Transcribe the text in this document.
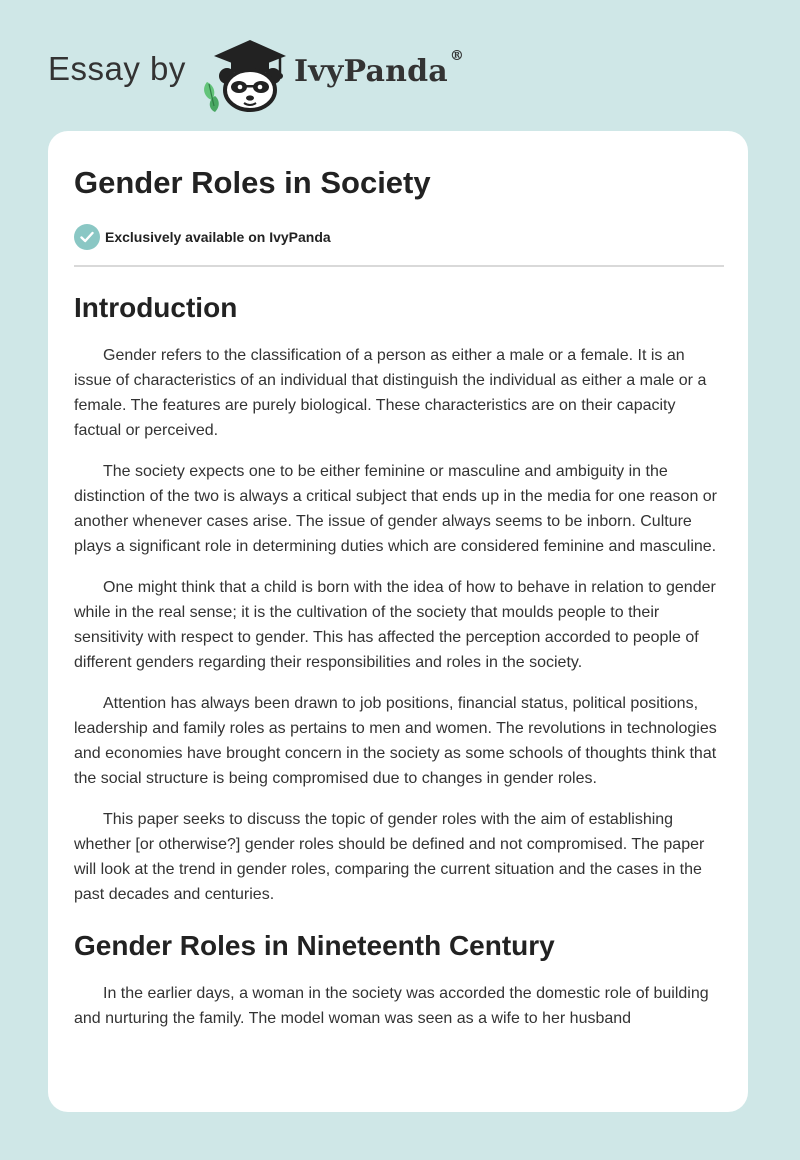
Essay by	IvyPanda ®
Gender Roles in Society
Exclusively available on IvyPanda
Introduction

Gender refers to the classification of a person as either a male or a female. It is an issue of characteristics of an individual that distinguish the individual as either a male or a female. The features are purely biological. These characteristics are on their capacity factual or perceived.

The society expects one to be either feminine or masculine and ambiguity in the distinction of the two is always a critical subject that ends up in the media for one reason or another whenever cases arise. The issue of gender always seems to be inborn. Culture plays a significant role in determining duties which are considered feminine and masculine.

One might think that a child is born with the idea of how to behave in relation to gender while in the real sense; it is the cultivation of the society that moulds people to their sensitivity with respect to gender. This has affected the perception accorded to people of different genders regarding their responsibilities and roles in the society.

Attention has always been drawn to job positions, financial status, political positions, leadership and family roles as pertains to men and women. The revolutions in technologies and economies have brought concern in the society as some schools of thoughts think that the social structure is being compromised due to changes in gender roles.

This paper seeks to discuss the topic of gender roles with the aim of establishing whether [or otherwise?] gender roles should be defined and not compromised. The paper will look at the trend in gender roles, comparing the current situation and the cases in the past decades and centuries.

Gender Roles in Nineteenth Century

In the earlier days, a woman in the society was accorded the domestic role of building and nurturing the family. The model woman was seen as a wife to her husband
